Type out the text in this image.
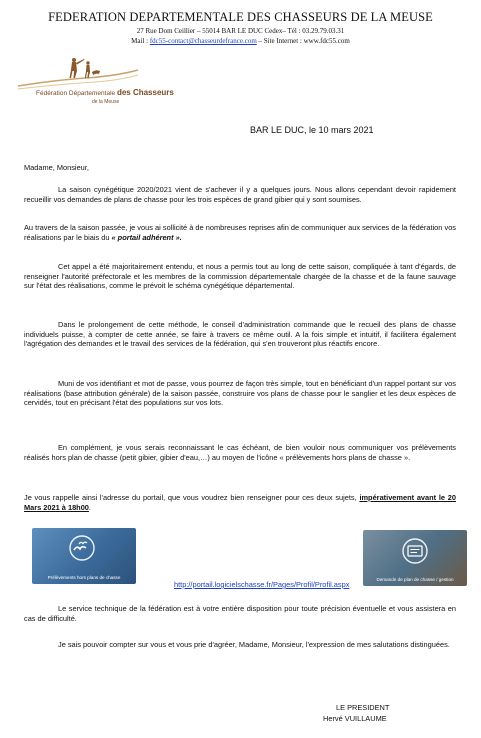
FEDERATION DEPARTEMENTALE DES CHASSEURS DE LA MEUSE
27 Rue Dom Ceillier – 55014 BAR LE DUC Cedex– Tél : 03.29.79.03.31
Mail : fdc55-contact@chasseurdefrance.com – Site Internet : www.fdc55.com
Fédération Départementale des Chasseurs
de la Meuse
BAR LE DUC, le 10 mars 2021
Madame, Monsieur,
La saison cynégétique 2020/2021 vient de s'achever il y a quelques jours. Nous allons cependant devoir rapidement recueillir vos demandes de plans de chasse pour les trois espèces de grand gibier qui y sont soumises.
Au travers de la saison passée, je vous ai sollicité à de nombreuses reprises afin de communiquer aux services de la fédération vos réalisations par le biais du « portail adhérent ».
Cet appel a été majoritairement entendu, et nous a permis tout au long de cette saison, compliquée à tant d'égards, de renseigner l'autorité préfectorale et les membres de la commission départementale chargée de la chasse et de la faune sauvage sur l'état des réalisations, comme le prévoit le schéma cynégétique départemental.
Dans le prolongement de cette méthode, le conseil d'administration commande que le recueil des plans de chasse individuels puisse, à compter de cette année, se faire à travers ce même outil. A la fois simple et intuitif, il facilitera également l'agrégation des demandes et le travail des services de la fédération, qui s'en trouveront plus réactifs encore.
Muni de vos identifiant et mot de passe, vous pourrez de façon très simple, tout en bénéficiant d'un rappel portant sur vos réalisations (base attribution générale) de la saison passée, construire vos plans de chasse pour le sanglier et les deux espèces de cervidés, tout en précisant l'état des populations sur vos lots.
En complément, je vous serais reconnaissant le cas échéant, de bien vouloir nous communiquer vos prélèvements réalisés hors plan de chasse (petit gibier, gibier d'eau,…) au moyen de l'icône « prélèvements hors plans de chasse ».
Je vous rappelle ainsi l'adresse du portail, que vous voudrez bien renseigner pour ces deux sujets, impérativement avant le 20 Mars 2021 à 18h00.
Prélèvements hors plans de chasse	Demande de plan de chasse / gestion
http://portail.logicielschasse.fr/Pages/Profil/Profil.aspx
Le service technique de la fédération est à votre entière disposition pour toute précision éventuelle et vous assistera en cas de difficulté.
Je sais pouvoir compter sur vous et vous prie d'agréer, Madame, Monsieur, l'expression de mes salutations distinguées.
LE PRESIDENT
Hervé VUILLAUME
